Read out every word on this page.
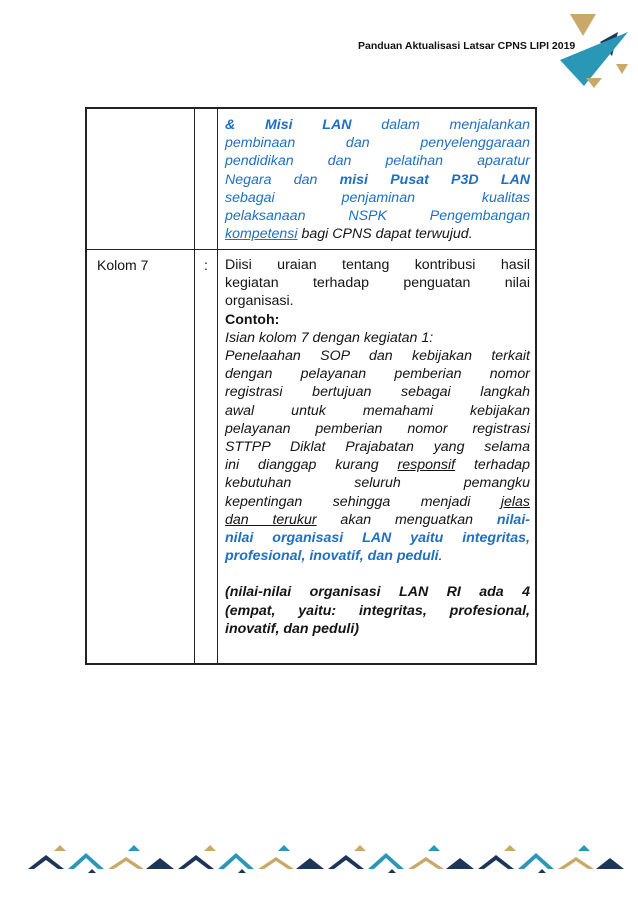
Panduan Aktualisasi Latsar CPNS LIPI 2019
& Misi LAN dalam menjalankan
pembinaan dan penyelenggaraan
pendidikan dan pelatihan aparatur
Negara dan misi Pusat P3D LAN
sebagai penjaminan kualitas
pelaksanaan NSPK Pengembangan
kompetensi bagi CPNS dapat terwujud.
Kolom 7	: Diisi uraian tentang kontribusi hasil
kegiatan terhadap penguatan nilai
organisasi.
Contoh:
Isian kolom 7 dengan kegiatan 1:
Penelaahan SOP dan kebijakan terkait
dengan pelayanan pemberian nomor
registrasi bertujuan sebagai langkah
awal untuk memahami kebijakan
pelayanan pemberian nomor registrasi
STTPP Diklat Prajabatan yang selama
ini dianggap kurang responsif terhadap
kebutuhan seluruh pemangku
kepentingan sehingga menjadi jelas
dan terukur akan menguatkan nilai-
nilai organisasi LAN yaitu integritas,
profesional, inovatif, dan peduli.
(nilai-nilai organisasi LAN RI ada 4
(empat, yaitu: integritas, profesional,
inovatif, dan peduli)
